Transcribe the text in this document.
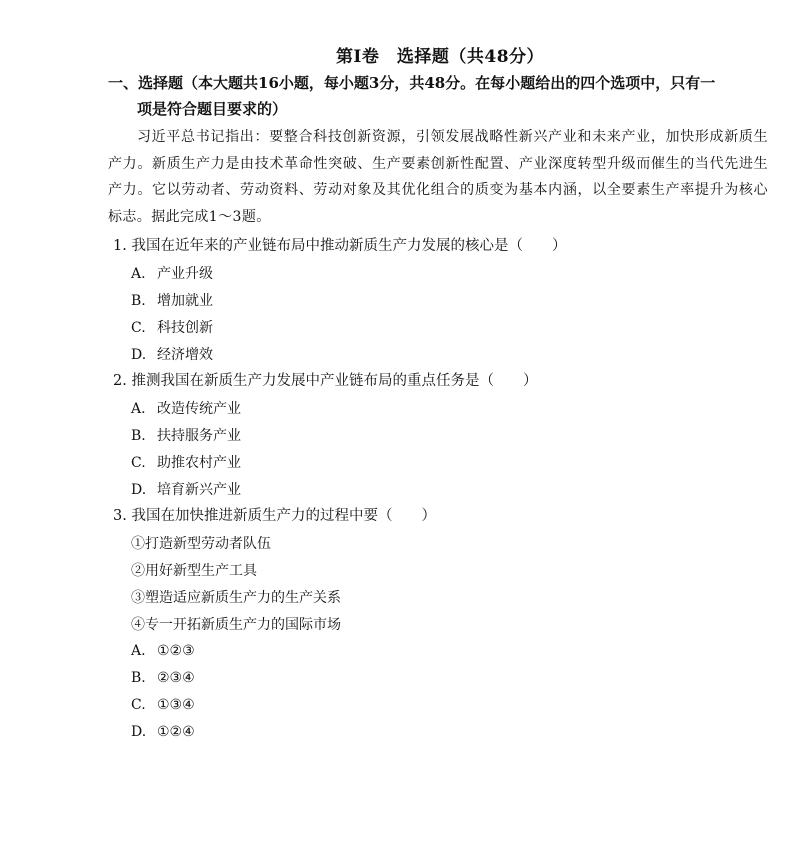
第Ⅰ卷　选择题（共48分）
一、选择题（本大题共16小题，每小题3分，共48分。在每小题给出的四个选项中，只有一
项是符合题目要求的）
习近平总书记指出：要整合科技创新资源，引领发展战略性新兴产业和未来产业，加快形成新质生产力。新质生产力是由技术革命性突破、生产要素创新性配置、产业深度转型升级而催生的当代先进生产力。它以劳动者、劳动资料、劳动对象及其优化组合的质变为基本内涵，以全要素生产率提升为核心标志。据此完成1～3题。
1. 我国在近年来的产业链布局中推动新质生产力发展的核心是（　　）
A. 产业升级
B. 增加就业
C. 科技创新
D. 经济增效
2. 推测我国在新质生产力发展中产业链布局的重点任务是（　　）
A. 改造传统产业
B. 扶持服务产业
C. 助推农村产业
D. 培育新兴产业
3. 我国在加快推进新质生产力的过程中要（　　）
①打造新型劳动者队伍
②用好新型生产工具
③塑造适应新质生产力的生产关系
④专一开拓新质生产力的国际市场
A. ①②③
B. ②③④
C. ①③④
D. ①②④
